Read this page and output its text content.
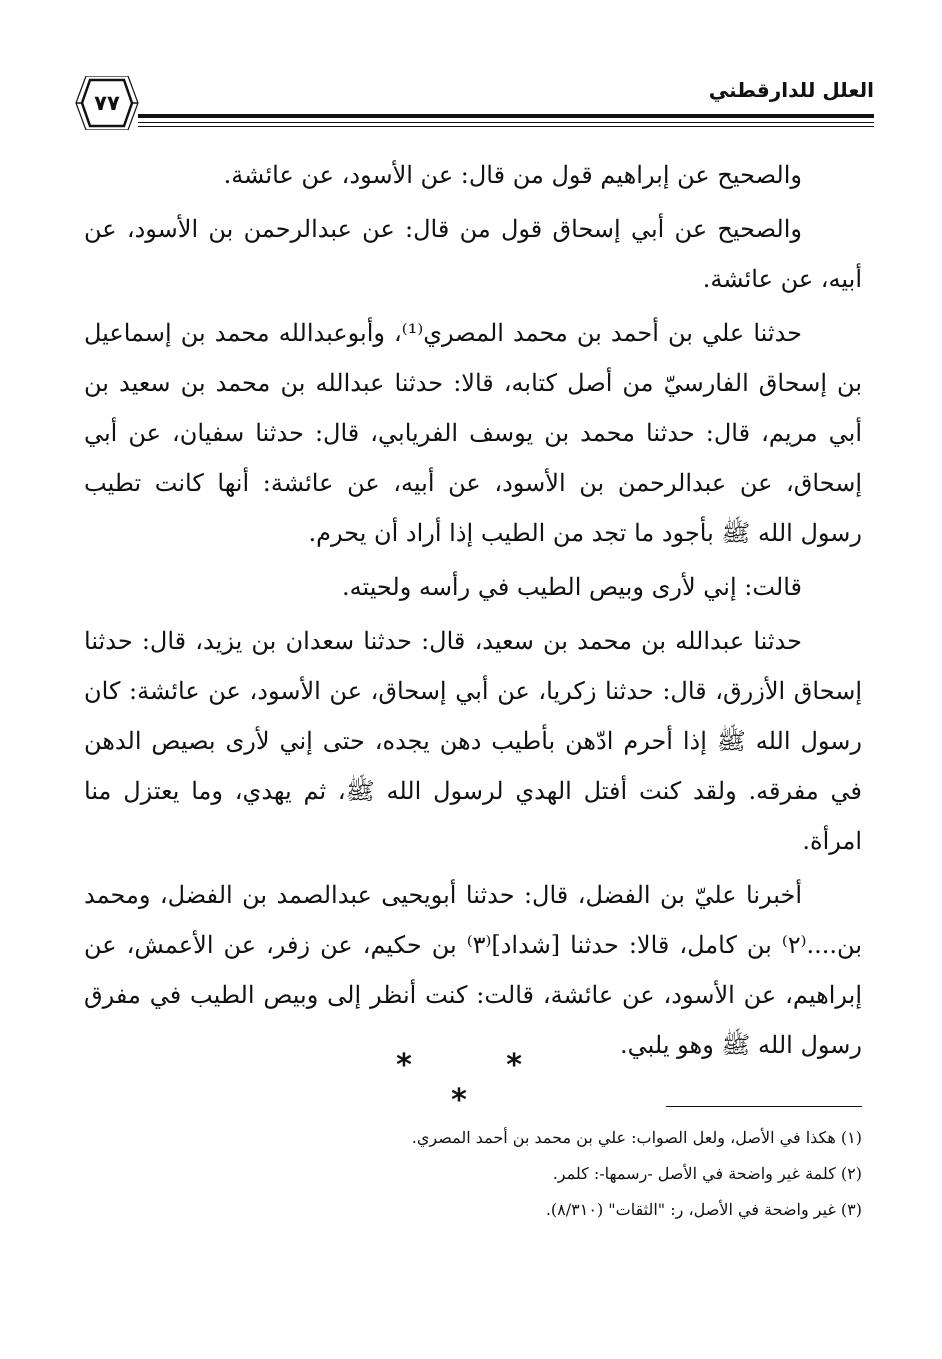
٧٧
العلل للدارقطني

والصحيح عن إبراهيم قول من قال: عن الأسود، عن عائشة.

والصحيح عن أبي إسحاق قول من قال: عن عبدالرحمن بن الأسود، عن أبيه، عن عائشة.

حدثنا علي بن أحمد بن محمد المصري⁽¹⁾، وأبوعبدالله محمد بن إسماعيل بن إسحاق الفارسيّ من أصل كتابه، قالا: حدثنا عبدالله بن محمد بن سعيد بن أبي مريم، قال: حدثنا محمد بن يوسف الفريابي، قال: حدثنا سفيان، عن أبي إسحاق، عن عبدالرحمن بن الأسود، عن أبيه، عن عائشة: أنها كانت تطيب رسول الله ﷺ بأجود ما تجد من الطيب إذا أراد أن يحرم.

قالت: إني لأرى وبيص الطيب في رأسه ولحيته.

حدثنا عبدالله بن محمد بن سعيد، قال: حدثنا سعدان بن يزيد، قال: حدثنا إسحاق الأزرق، قال: حدثنا زكريا، عن أبي إسحاق، عن الأسود، عن عائشة: كان رسول الله ﷺ إذا أحرم ادّهن بأطيب دهن يجده، حتى إني لأرى بصيص الدهن في مفرقه. ولقد كنت أفتل الهدي لرسول الله ﷺ، ثم يهدي، وما يعتزل منا امرأة.

أخبرنا عليّ بن الفضل، قال: حدثنا أبويحيى عبدالصمد بن الفضل، ومحمد بن....⁽٢⁾ بن كامل، قالا: حدثنا [شداد]⁽٣⁾ بن حكيم، عن زفر، عن الأعمش، عن إبراهيم، عن الأسود، عن عائشة، قالت: كنت أنظر إلى وبيص الطيب في مفرق رسول الله ﷺ وهو يلبي.

* * *
(١) هكذا في الأصل، ولعل الصواب: علي بن محمد بن أحمد المصري.
(٢) كلمة غير واضحة في الأصل -رسمها-: كلمر.
(٣) غير واضحة في الأصل، ر: "الثقات" (٨/٣١٠).
